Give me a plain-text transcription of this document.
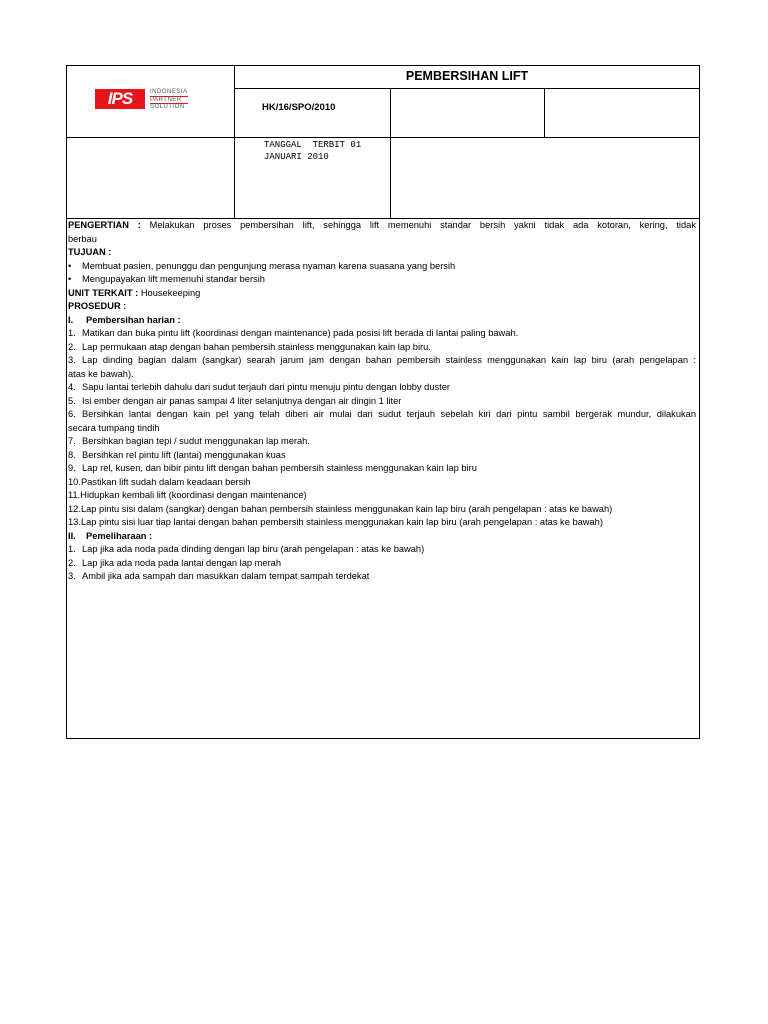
IPS	INDONESIA
PARTNER
SOLUTION
PEMBERSIHAN LIFT
HK/16/SPO/2010
TANGGAL  TERBIT 01
JANUARI 2010
PENGERTIAN : Melakukan proses pembersihan lift, sehingga lift memenuhi standar bersih yakni tidak ada kotoran, kering, tidak
berbau
TUJUAN :
• Membuat pasien, penunggu dan pengunjung merasa nyaman karena suasana yang bersih
• Mengupayakan lift memenuhi standar bersih
UNIT TERKAIT : Housekeeping
PROSEDUR :
I. Pembersihan harian :
1. Matikan dan buka pintu lift (koordinasi dengan maintenance) pada posisi lift berada di lantai paling bawah.
2. Lap permukaan atap dengan bahan pembersih stainless menggunakan kain lap biru.
3. Lap dinding bagian dalam (sangkar) searah jarum jam dengan bahan pembersih stainless menggunakan kain lap biru (arah pengelapan :
atas ke bawah).
4. Sapu lantai terlebih dahulu dari sudut terjauh dari pintu menuju pintu dengan lobby duster
5. Isi ember dengan air panas sampai 4 liter selanjutnya dengan air dingin 1 liter
6. Bersihkan lantai dengan kain pel yang telah diberi air mulai dari sudut terjauh sebelah kiri dari pintu sambil bergerak mundur, dilakukan
secara tumpang tindih
7. Bersihkan bagian tepi / sudut menggunakan lap merah.
8. Bersihkan rel pintu lift (lantai) menggunakan kuas
9. Lap rel, kusen, dan bibir pintu lift dengan bahan pembersih stainless menggunakan kain lap biru
10.Pastikan lift sudah dalam keadaan bersih
11.Hidupkan kembali lift (koordinasi dengan maintenance)
12.Lap pintu sisi dalam (sangkar) dengan bahan pembersih stainless menggunakan kain lap biru (arah pengelapan : atas ke bawah)
13.Lap pintu sisi luar tiap lantai dengan bahan pembersih stainless menggunakan kain lap biru (arah pengelapan : atas ke bawah)
II. Pemeliharaan :
1. Lap jika ada noda pada dinding dengan lap biru (arah pengelapan : atas ke bawah)
2. Lap jika ada noda pada lantai dengan lap merah
3. Ambil jika ada sampah dan masukkan dalam tempat sampah terdekat
